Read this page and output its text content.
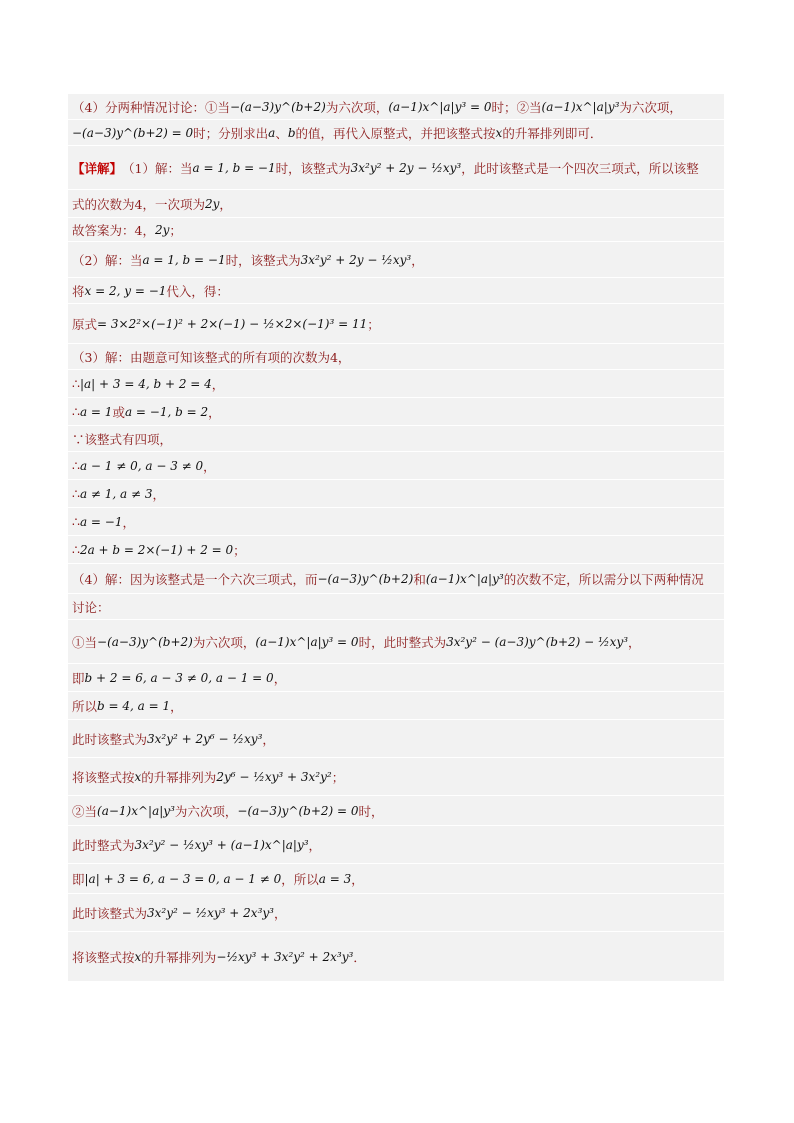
（4）分两种情况讨论：①当 −(a−3)y^(b+2) 为六次项， (a−1)x^|a|y³ = 0 时；②当 (a−1)x^|a|y³ 为六次项，
−(a−3)y^(b+2) = 0 时；分别求出 a 、 b 的值，再代入原整式，并把该整式按 x 的升幂排列即可．
【详解】 （1）解：当 a = 1, b = −1 时，该整式为 3x²y² + 2y − ½xy³ ，此时该整式是一个四次三项式，所以该整
式的次数为4，一次项为 2y ，
故答案为：4， 2y ；
（2）解：当 a = 1, b = −1 时，该整式为 3x²y² + 2y − ½xy³ ，
将 x = 2, y = −1 代入，得：
原式 = 3×2²×(−1)² + 2×(−1) − ½×2×(−1)³ = 11 ；
（3）解：由题意可知该整式的所有项的次数为4，
∴ |a| + 3 = 4, b + 2 = 4 ，
∴ a = 1 或 a = −1, b = 2 ，
∵该整式有四项，
∴ a − 1 ≠ 0, a − 3 ≠ 0 ，
∴ a ≠ 1, a ≠ 3 ，
∴ a = −1 ，
∴ 2a + b = 2×(−1) + 2 = 0 ；
（4）解：因为该整式是一个六次三项式，而 −(a−3)y^(b+2) 和 (a−1)x^|a|y³ 的次数不定，所以需分以下两种情况
讨论：
①当 −(a−3)y^(b+2) 为六次项， (a−1)x^|a|y³ = 0 时，此时整式为 3x²y² − (a−3)y^(b+2) − ½xy³ ，
即 b + 2 = 6, a − 3 ≠ 0, a − 1 = 0 ，
所以 b = 4, a = 1 ，
此时该整式为 3x²y² + 2y⁶ − ½xy³ ，
将该整式按 x 的升幂排列为 2y⁶ − ½xy³ + 3x²y² ；
②当 (a−1)x^|a|y³ 为六次项， −(a−3)y^(b+2) = 0 时，
此时整式为 3x²y² − ½xy³ + (a−1)x^|a|y³ ，
即 |a| + 3 = 6, a − 3 = 0, a − 1 ≠ 0 ，所以 a = 3 ，
此时该整式为 3x²y² − ½xy³ + 2x³y³ ，
将该整式按 x 的升幂排列为 −½xy³ + 3x²y² + 2x³y³ ．
